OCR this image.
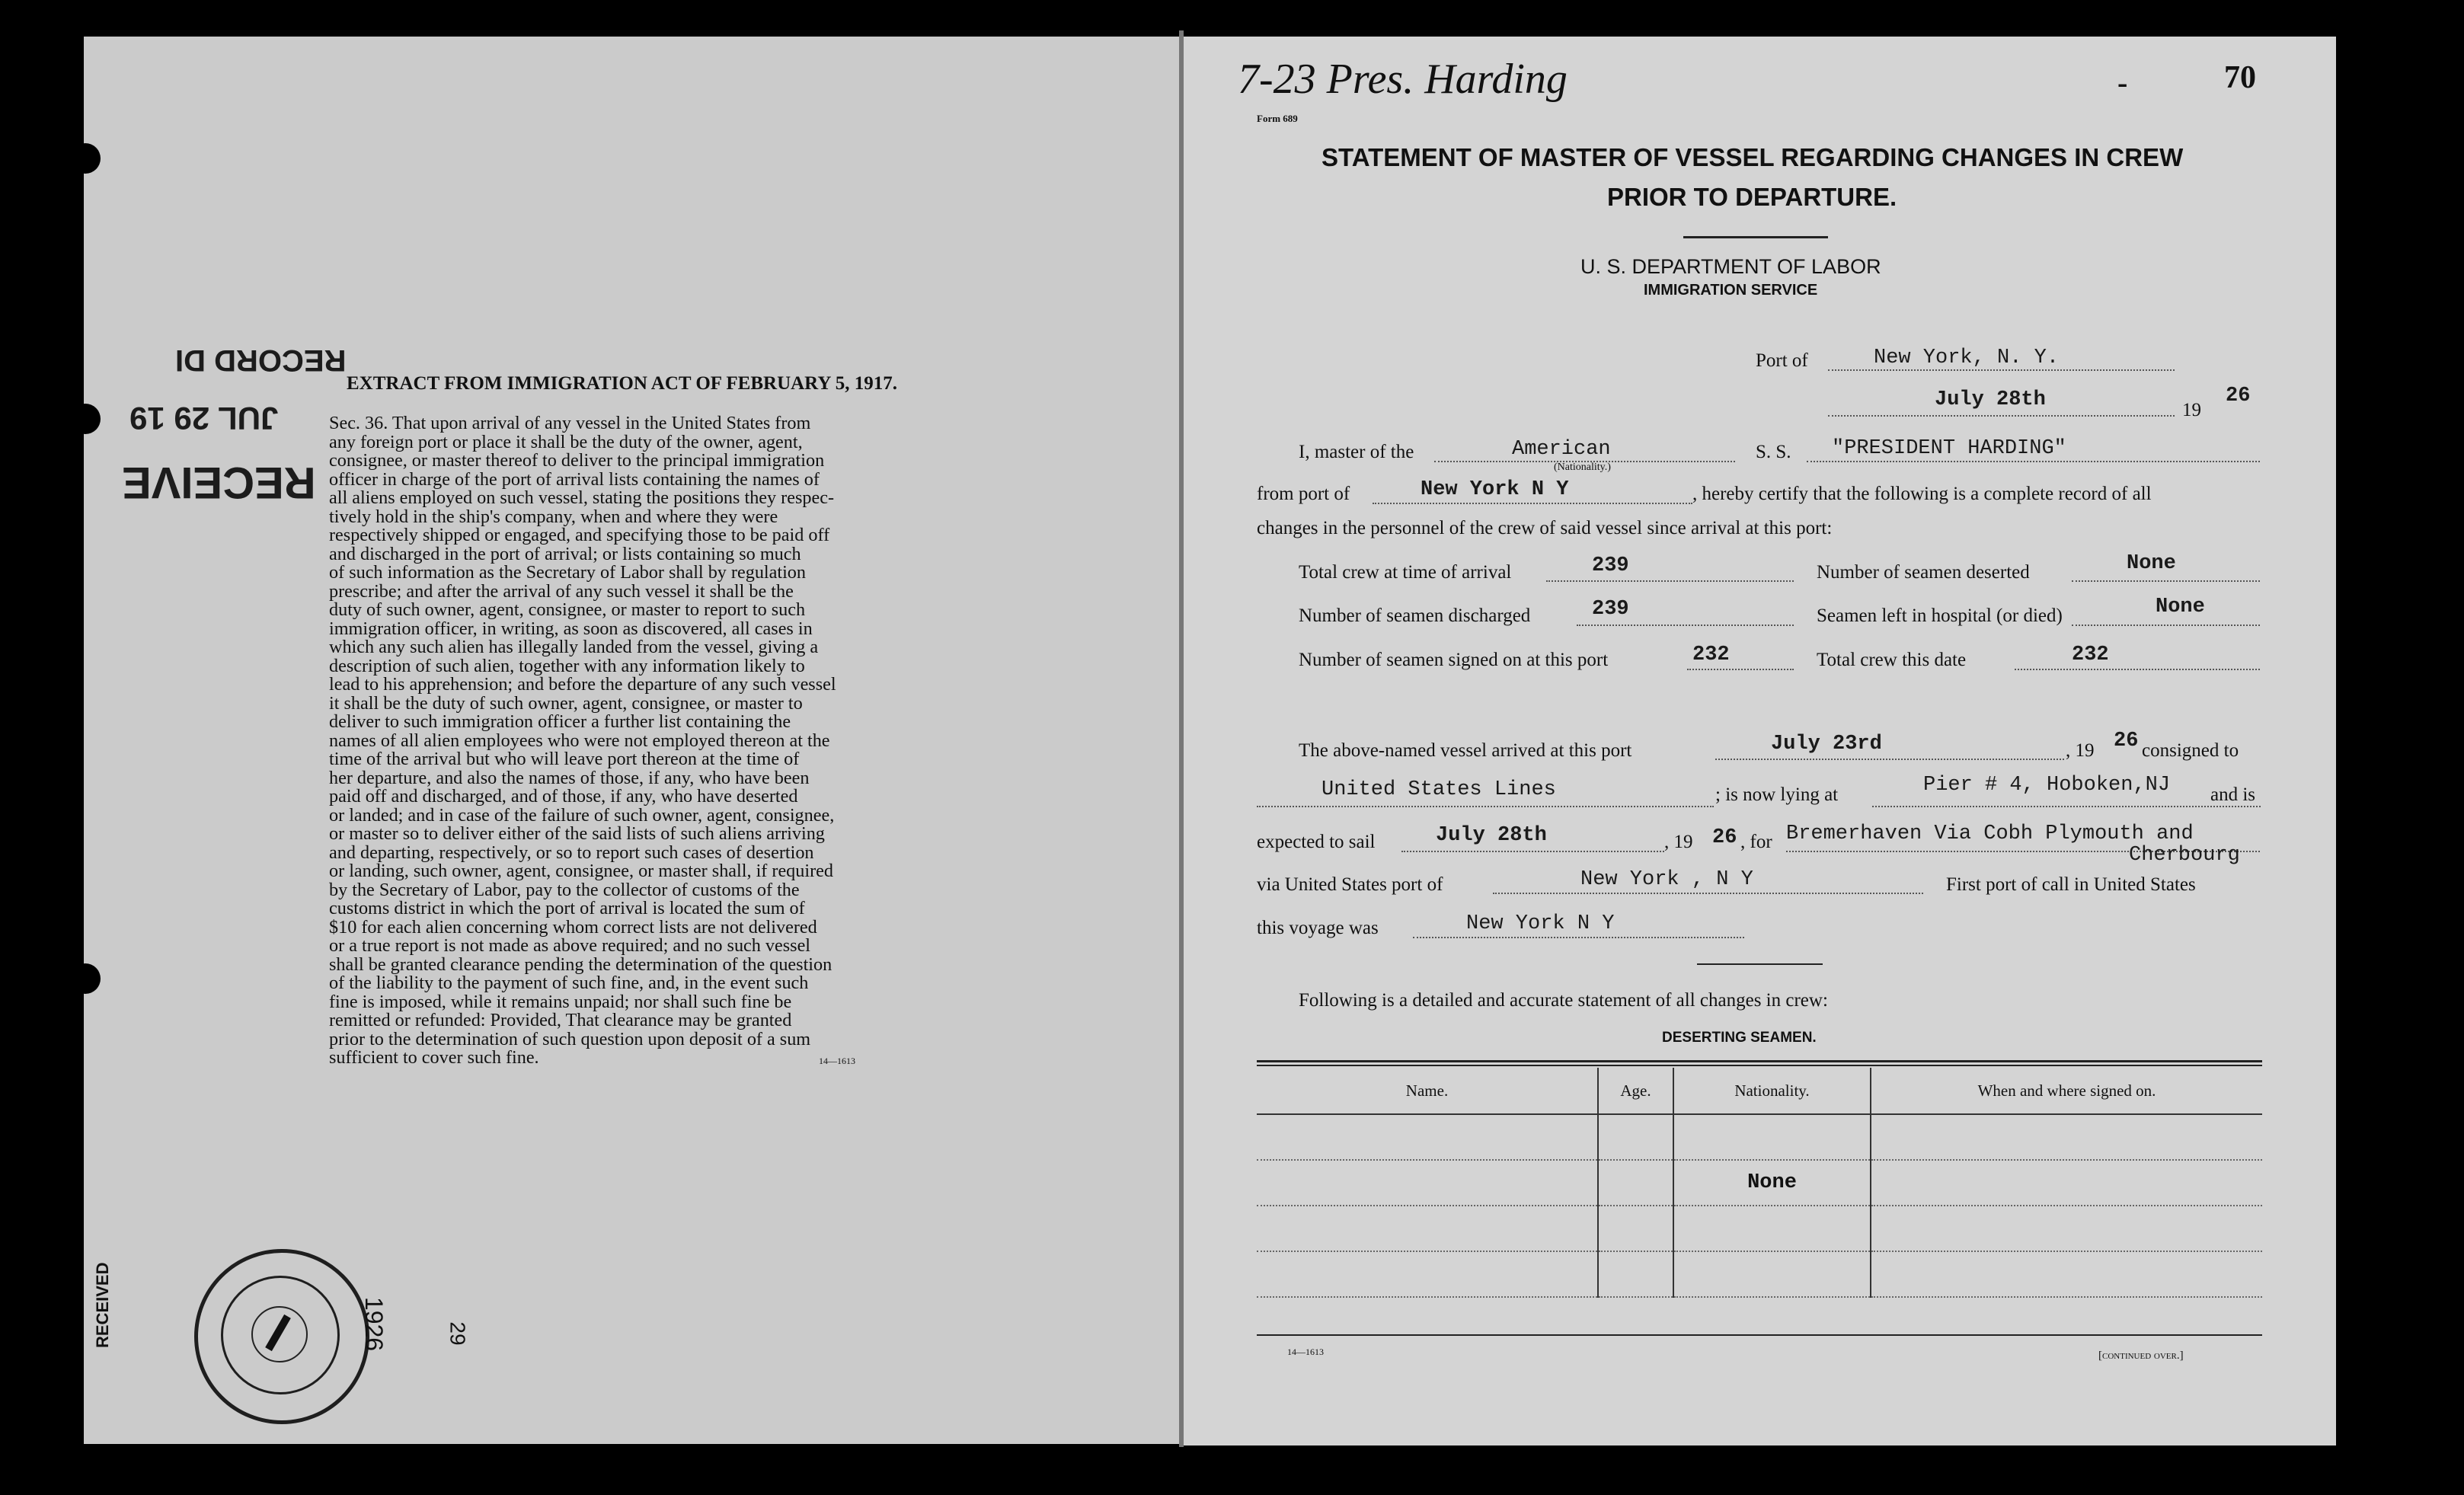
EXTRACT FROM IMMIGRATION ACT OF FEBRUARY 5, 1917.
Sec. 36. That upon arrival of any vessel in the United States from
any foreign port or place it shall be the duty of the owner, agent,
consignee, or master thereof to deliver to the principal immigration
officer in charge of the port of arrival lists containing the names of
all aliens employed on such vessel, stating the positions they respec-
tively hold in the ship's company, when and where they were
respectively shipped or engaged, and specifying those to be paid off
and discharged in the port of arrival; or lists containing so much
of such information as the Secretary of Labor shall by regulation
prescribe; and after the arrival of any such vessel it shall be the
duty of such owner, agent, consignee, or master to report to such
immigration officer, in writing, as soon as discovered, all cases in
which any such alien has illegally landed from the vessel, giving a
description of such alien, together with any information likely to
lead to his apprehension; and before the departure of any such vessel
it shall be the duty of such owner, agent, consignee, or master to
deliver to such immigration officer a further list containing the
names of all alien employees who were not employed thereon at the
time of the arrival but who will leave port thereon at the time of
her departure, and also the names of those, if any, who have been
paid off and discharged, and of those, if any, who have deserted
or landed; and in case of the failure of such owner, agent, consignee,
or master so to deliver either of the said lists of such aliens arriving
and departing, respectively, or so to report such cases of desertion
or landing, such owner, agent, consignee, or master shall, if required
by the Secretary of Labor, pay to the collector of customs of the
customs district in which the port of arrival is located the sum of
$10 for each alien concerning whom correct lists are not delivered
or a true report is not made as above required; and no such vessel
shall be granted clearance pending the determination of the question
of the liability to the payment of such fine, and, in the event such
fine is imposed, while it remains unpaid; nor shall such fine be
remitted or refunded: Provided, That clearance may be granted
prior to the determination of such question upon deposit of a sum
sufficient to cover such fine.	14—1613
RECORD DI
JUL 29 19
RECEIVE
1926	29
RECEIVED
7-23 Pres. Harding	70
-
Form 689
STATEMENT OF MASTER OF VESSEL REGARDING CHANGES IN CREW
PRIOR TO DEPARTURE.
U. S. DEPARTMENT OF LABOR
IMMIGRATION SERVICE
Port of	New York, N. Y.
July 28th	19
26
I, master of the	American
(Nationality.)
S. S. "PRESIDENT HARDING"
from port of	New York N Y	, hereby certify that the following is a complete record of all
changes in the personnel of the crew of said vessel since arrival at this port:
Total crew at time of arrival	239	Number of seamen deserted	None
Number of seamen discharged	239	Seamen left in hospital (or died)	None
Number of seamen signed on at this port	232	Total crew this date	232
The above-named vessel arrived at this port	July 23rd	, 19 26 consigned to
United States Lines	; is now lying at	Pier # 4, Hoboken,NJ and is
expected to sail	July 28th	, 19 26 , for Bremerhaven Via Cobh Plymouth and
Cherbourg
via United States port of	New York , N Y	First port of call in United States
this voyage was	New York N Y
Following is a detailed and accurate statement of all changes in crew:
DESERTING SEAMEN.
Name.	Age.	Nationality.	When and where signed on.

		None	

14—1613	[continued over.]
